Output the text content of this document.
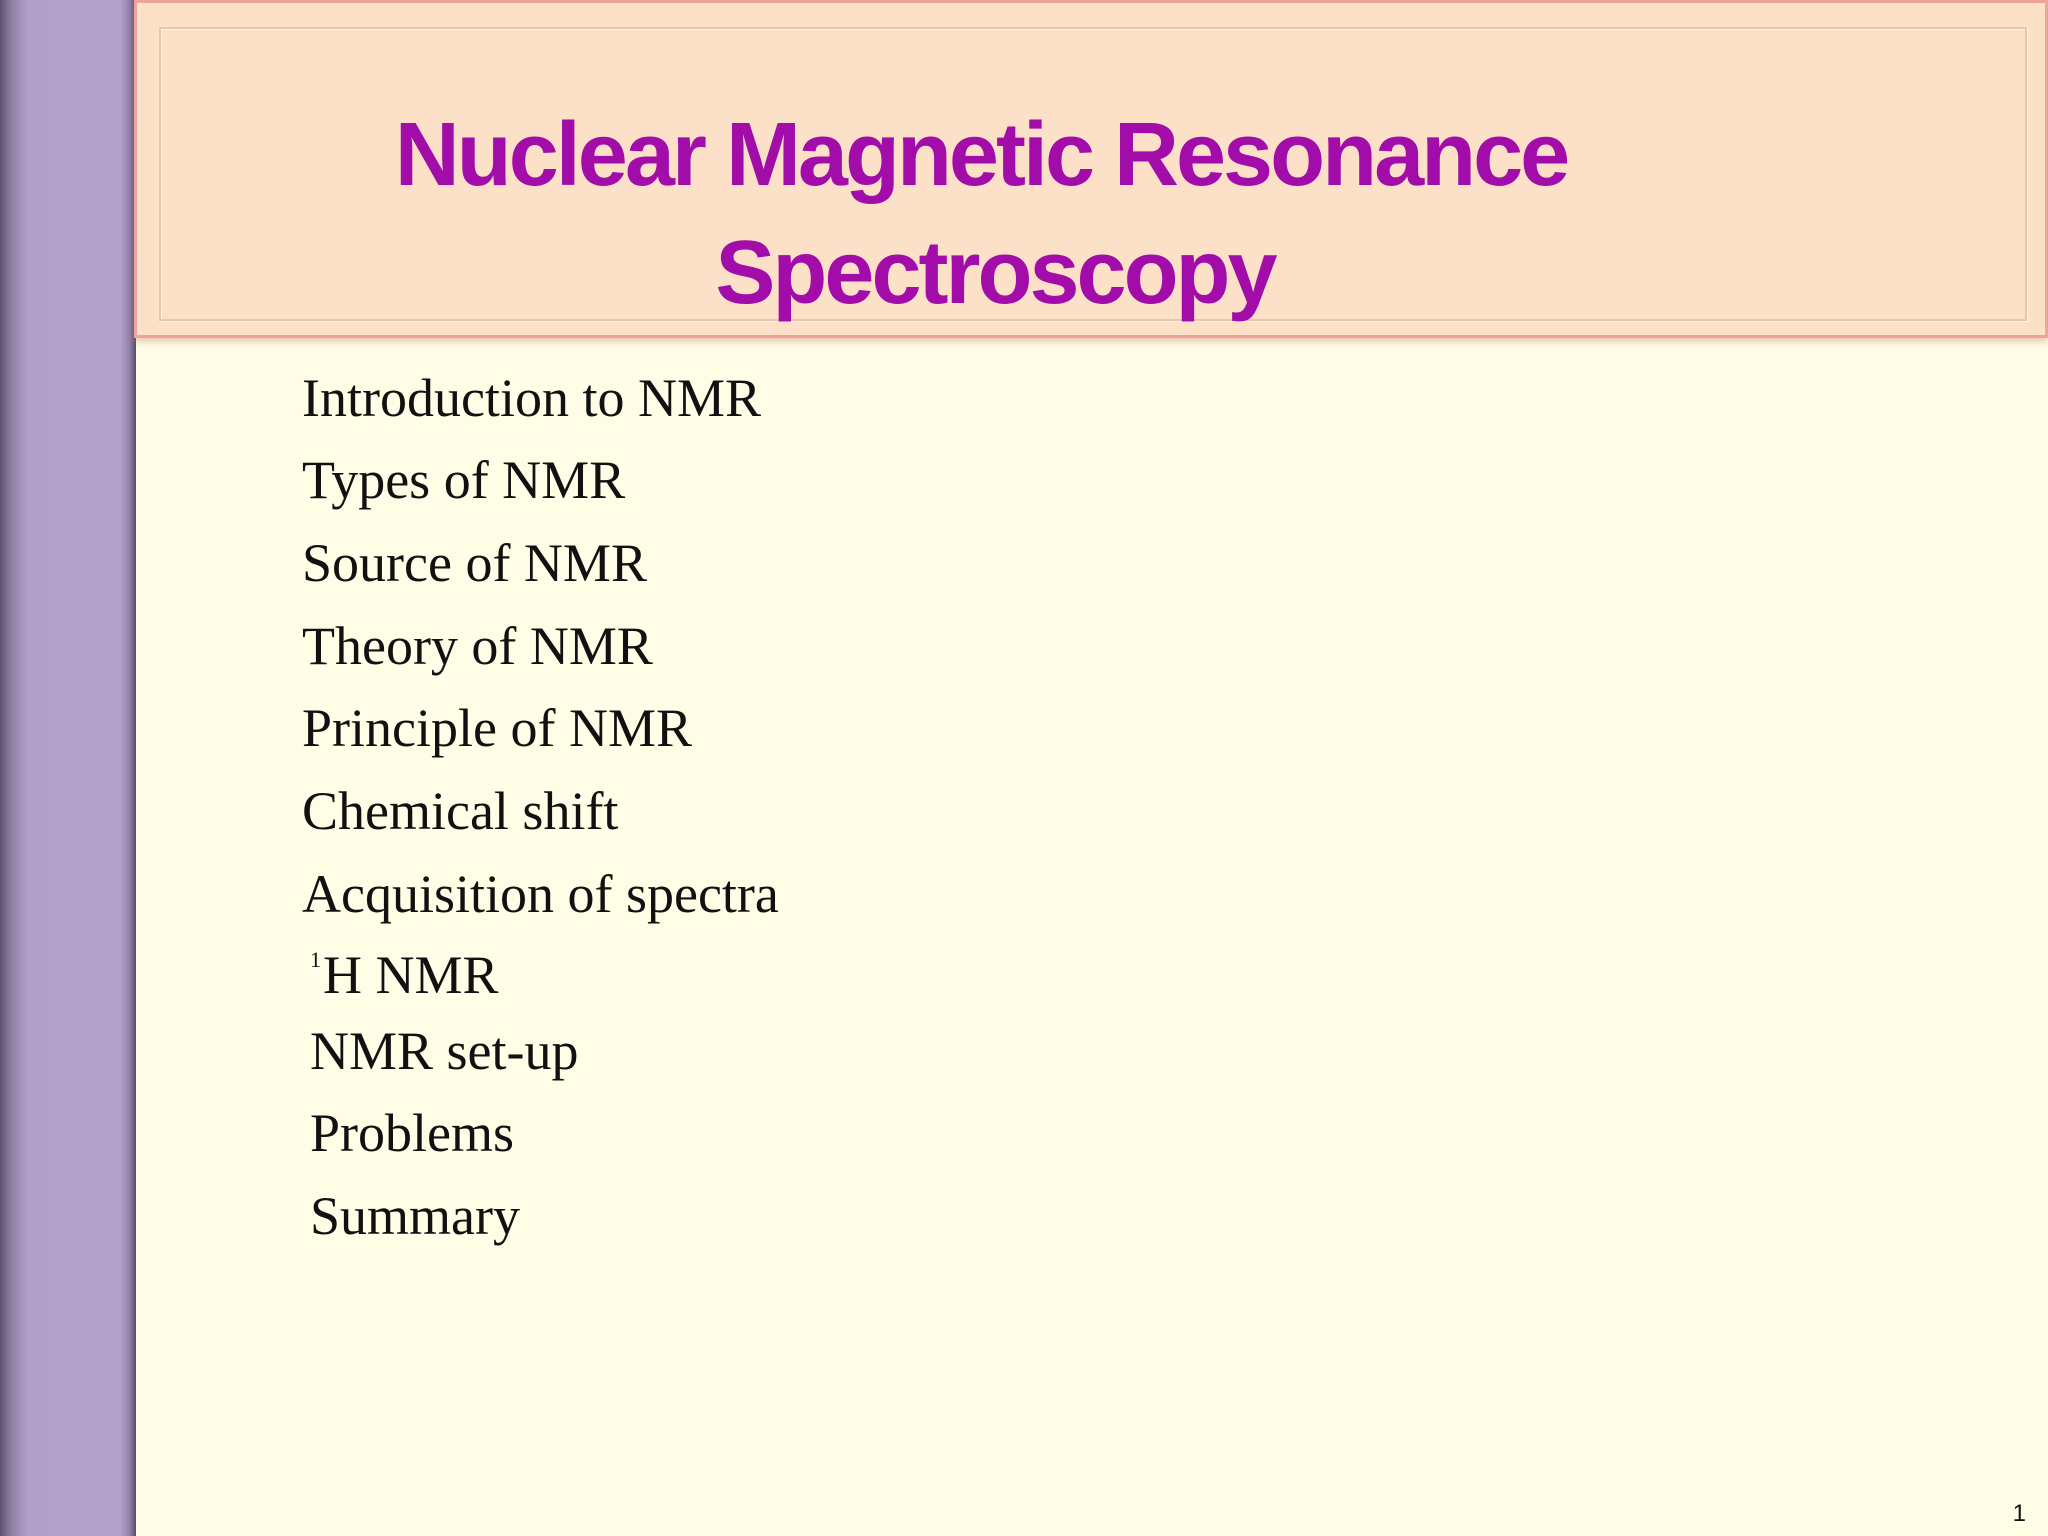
Nuclear Magnetic Resonance
Spectroscopy
Introduction to NMR
Types of NMR
Source of NMR
Theory of NMR
Principle of NMR
Chemical shift
Acquisition of spectra
$^1$H NMR
NMR set-up
Problems
Summary
1
